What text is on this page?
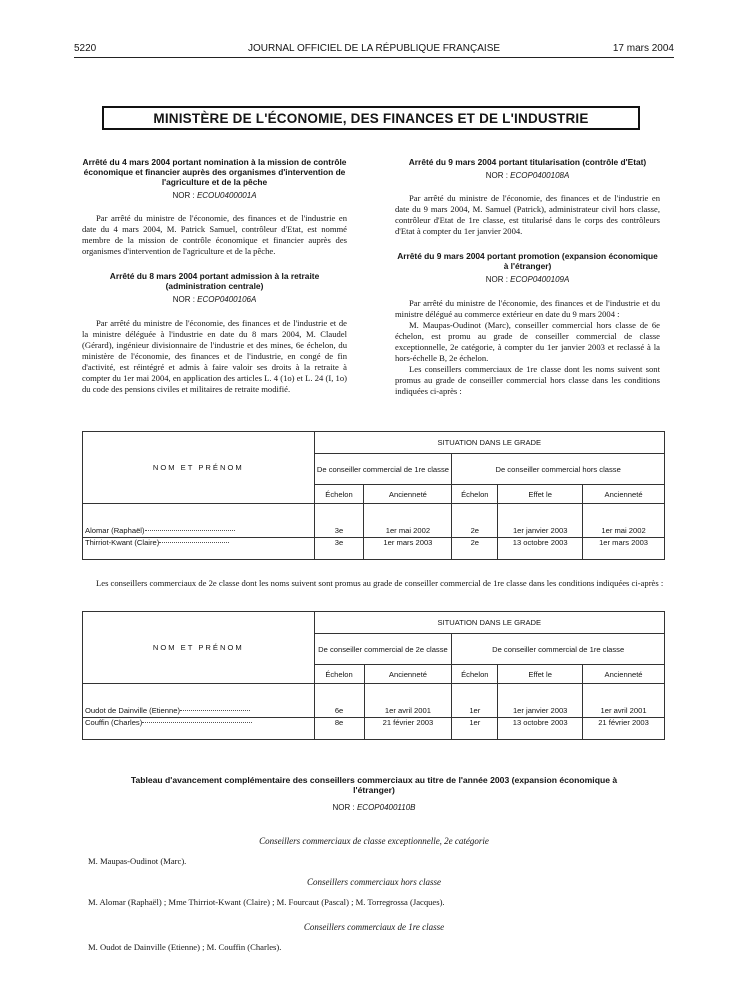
5220	JOURNAL OFFICIEL DE LA RÉPUBLIQUE FRANÇAISE	17 mars 2004
MINISTÈRE DE L'ÉCONOMIE, DES FINANCES ET DE L'INDUSTRIE
Arrêté du 4 mars 2004 portant nomination à la mission de contrôle économique et financier auprès des organismes d'intervention de l'agriculture et de la pêche
NOR : ECOU0400001A

Par arrêté du ministre de l'économie, des finances et de l'industrie en date du 4 mars 2004, M. Patrick Samuel, contrôleur d'Etat, est nommé membre de la mission de contrôle économique et financier auprès des organismes d'intervention de l'agriculture et de la pêche.

Arrêté du 8 mars 2004 portant admission à la retraite (administration centrale)
NOR : ECOP0400106A

Par arrêté du ministre de l'économie, des finances et de l'industrie et de la ministre déléguée à l'industrie en date du 8 mars 2004, M. Claudel (Gérard), ingénieur divisionnaire de l'industrie et des mines, 6e échelon, du ministère de l'économie, des finances et de l'industrie, en congé de fin d'activité, est réintégré et admis à faire valoir ses droits à la retraite à compter du 1er mai 2004, en application des articles L. 4 (1o) et L. 24 (I, 1o) du code des pensions civiles et militaires de retraite modifié.

Arrêté du 9 mars 2004 portant titularisation (contrôle d'Etat)
NOR : ECOP0400108A

Par arrêté du ministre de l'économie, des finances et de l'industrie en date du 9 mars 2004, M. Samuel (Patrick), administrateur civil hors classe, contrôleur d'Etat de 1re classe, est titularisé dans le corps des contrôleurs d'Etat à compter du 1er janvier 2004.

Arrêté du 9 mars 2004 portant promotion (expansion économique à l'étranger)
NOR : ECOP0400109A

Par arrêté du ministre de l'économie, des finances et de l'industrie et du ministre délégué au commerce extérieur en date du 9 mars 2004 :

M. Maupas-Oudinot (Marc), conseiller commercial hors classe de 6e échelon, est promu au grade de conseiller commercial de classe exceptionnelle, 2e catégorie, à compter du 1er janvier 2003 et reclassé à la hors-échelle B, 2e échelon.

Les conseillers commerciaux de 1re classe dont les noms suivent sont promus au grade de conseiller commercial hors classe dans les conditions indiquées ci-après :

NOM ET PRÉNOM	SITUATION DANS LE GRADE				
	De conseiller commercial de 1re classe		De conseiller commercial hors classe		
	Échelon	Ancienneté	Échelon	Effet le	Ancienneté
Alomar (Raphaël)	3e	1er mai 2002	2e	1er janvier 2003	1er mai 2002
Thirriot-Kwant (Claire)	3e	1er mars 2003	2e	13 octobre 2003	1er mars 2003

Les conseillers commerciaux de 2e classe dont les noms suivent sont promus au grade de conseiller commercial de 1re classe dans les conditions indiquées ci-après :

NOM ET PRÉNOM	SITUATION DANS LE GRADE				
	De conseiller commercial de 2e classe		De conseiller commercial de 1re classe		
	Échelon	Ancienneté	Échelon	Effet le	Ancienneté
Oudot de Dainville (Etienne)	6e	1er avril 2001	1er	1er janvier 2003	1er avril 2001
Couffin (Charles)	8e	21 février 2003	1er	13 octobre 2003	21 février 2003
Tableau d'avancement complémentaire des conseillers commerciaux au titre de l'année 2003 (expansion économique à l'étranger)
NOR : ECOP0400110B
Conseillers commerciaux de classe exceptionnelle, 2e catégorie
M. Maupas-Oudinot (Marc).
Conseillers commerciaux hors classe
M. Alomar (Raphaël) ; Mme Thirriot-Kwant (Claire) ; M. Fourcaut (Pascal) ; M. Torregrossa (Jacques).
Conseillers commerciaux de 1re classe
M. Oudot de Dainville (Etienne) ; M. Couffin (Charles).
